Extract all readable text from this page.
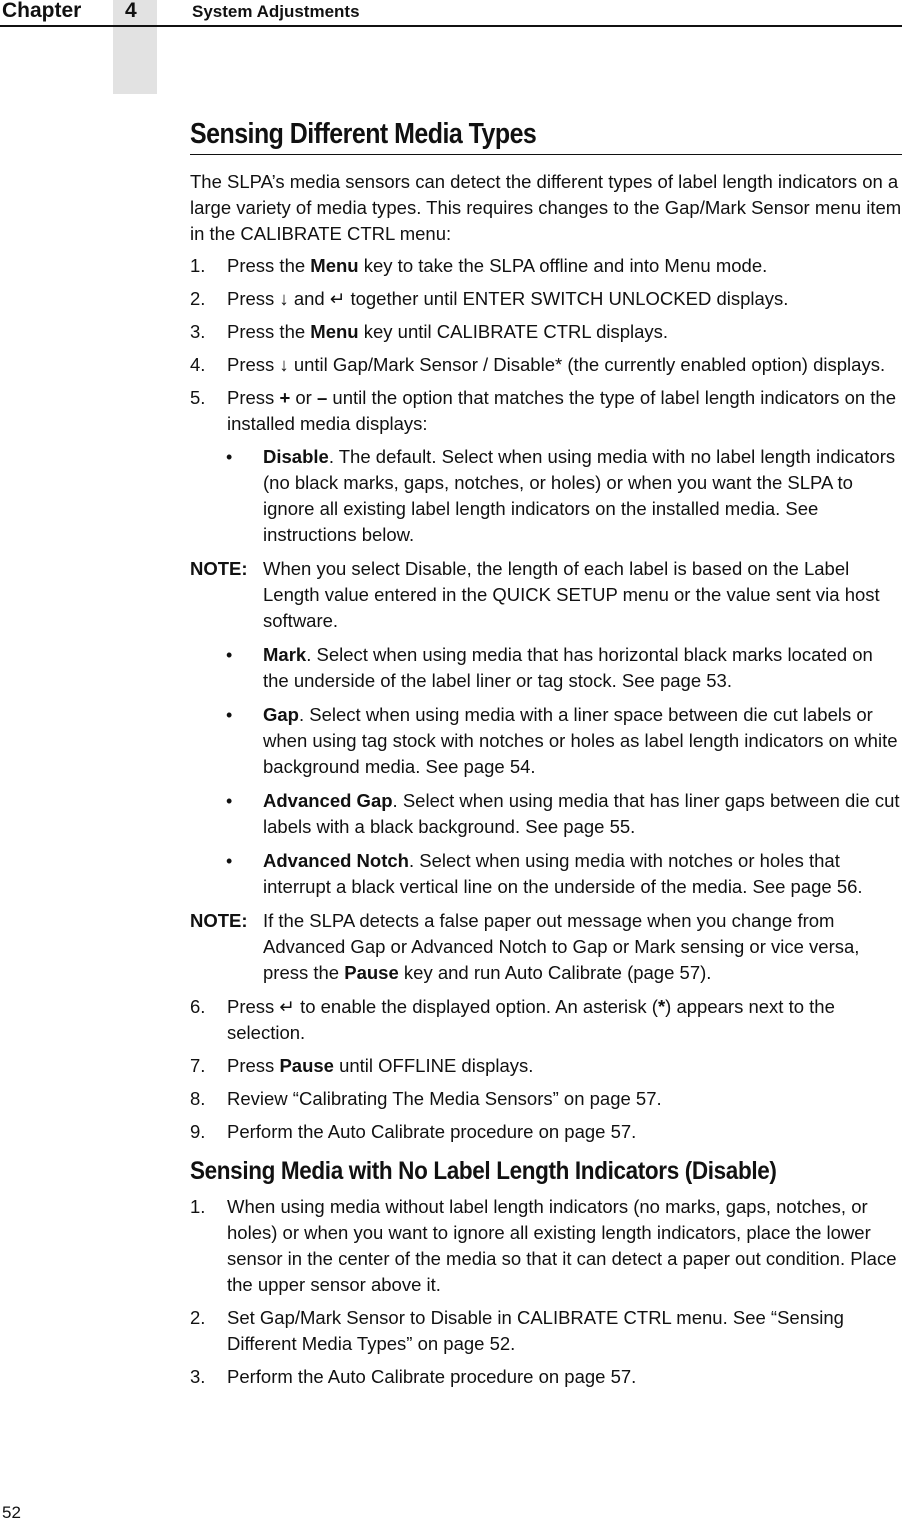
Chapter 4	System Adjustments
Sensing Different Media Types

The SLPA’s media sensors can detect the different types of label length indicators on a large variety of media types. This requires changes to the Gap/Mark Sensor menu item in the CALIBRATE CTRL menu:

1. Press the Menu key to take the SLPA offline and into Menu mode.
2. Press ↓ and ↵ together until ENTER SWITCH UNLOCKED displays.
3. Press the Menu key until CALIBRATE CTRL displays.
4. Press ↓ until Gap/Mark Sensor / Disable* (the currently enabled option) displays.
5. Press + or – until the option that matches the type of label length indicators on the installed media displays:
• Disable. The default. Select when using media with no label length indicators (no black marks, gaps, notches, or holes) or when you want the SLPA to ignore all existing label length indicators on the installed media. See instructions below.
NOTE: When you select Disable, the length of each label is based on the Label Length value entered in the QUICK SETUP menu or the value sent via host software.
• Mark. Select when using media that has horizontal black marks located on the underside of the label liner or tag stock. See page 53.
• Gap. Select when using media with a liner space between die cut labels or when using tag stock with notches or holes as label length indicators on white background media. See page 54.
• Advanced Gap. Select when using media that has liner gaps between die cut labels with a black background. See page 55.
• Advanced Notch. Select when using media with notches or holes that interrupt a black vertical line on the underside of the media. See page 56.
NOTE: If the SLPA detects a false paper out message when you change from Advanced Gap or Advanced Notch to Gap or Mark sensing or vice versa, press the Pause key and run Auto Calibrate (page 57).
6. Press ↵ to enable the displayed option. An asterisk (*) appears next to the selection.
7. Press Pause until OFFLINE displays.
8. Review “Calibrating The Media Sensors” on page 57.
9. Perform the Auto Calibrate procedure on page 57.
Sensing Media with No Label Length Indicators (Disable)
1. When using media without label length indicators (no marks, gaps, notches, or holes) or when you want to ignore all existing length indicators, place the lower sensor in the center of the media so that it can detect a paper out condition. Place the upper sensor above it.
2. Set Gap/Mark Sensor to Disable in CALIBRATE CTRL menu. See “Sensing Different Media Types” on page 52.
3. Perform the Auto Calibrate procedure on page 57.
52
